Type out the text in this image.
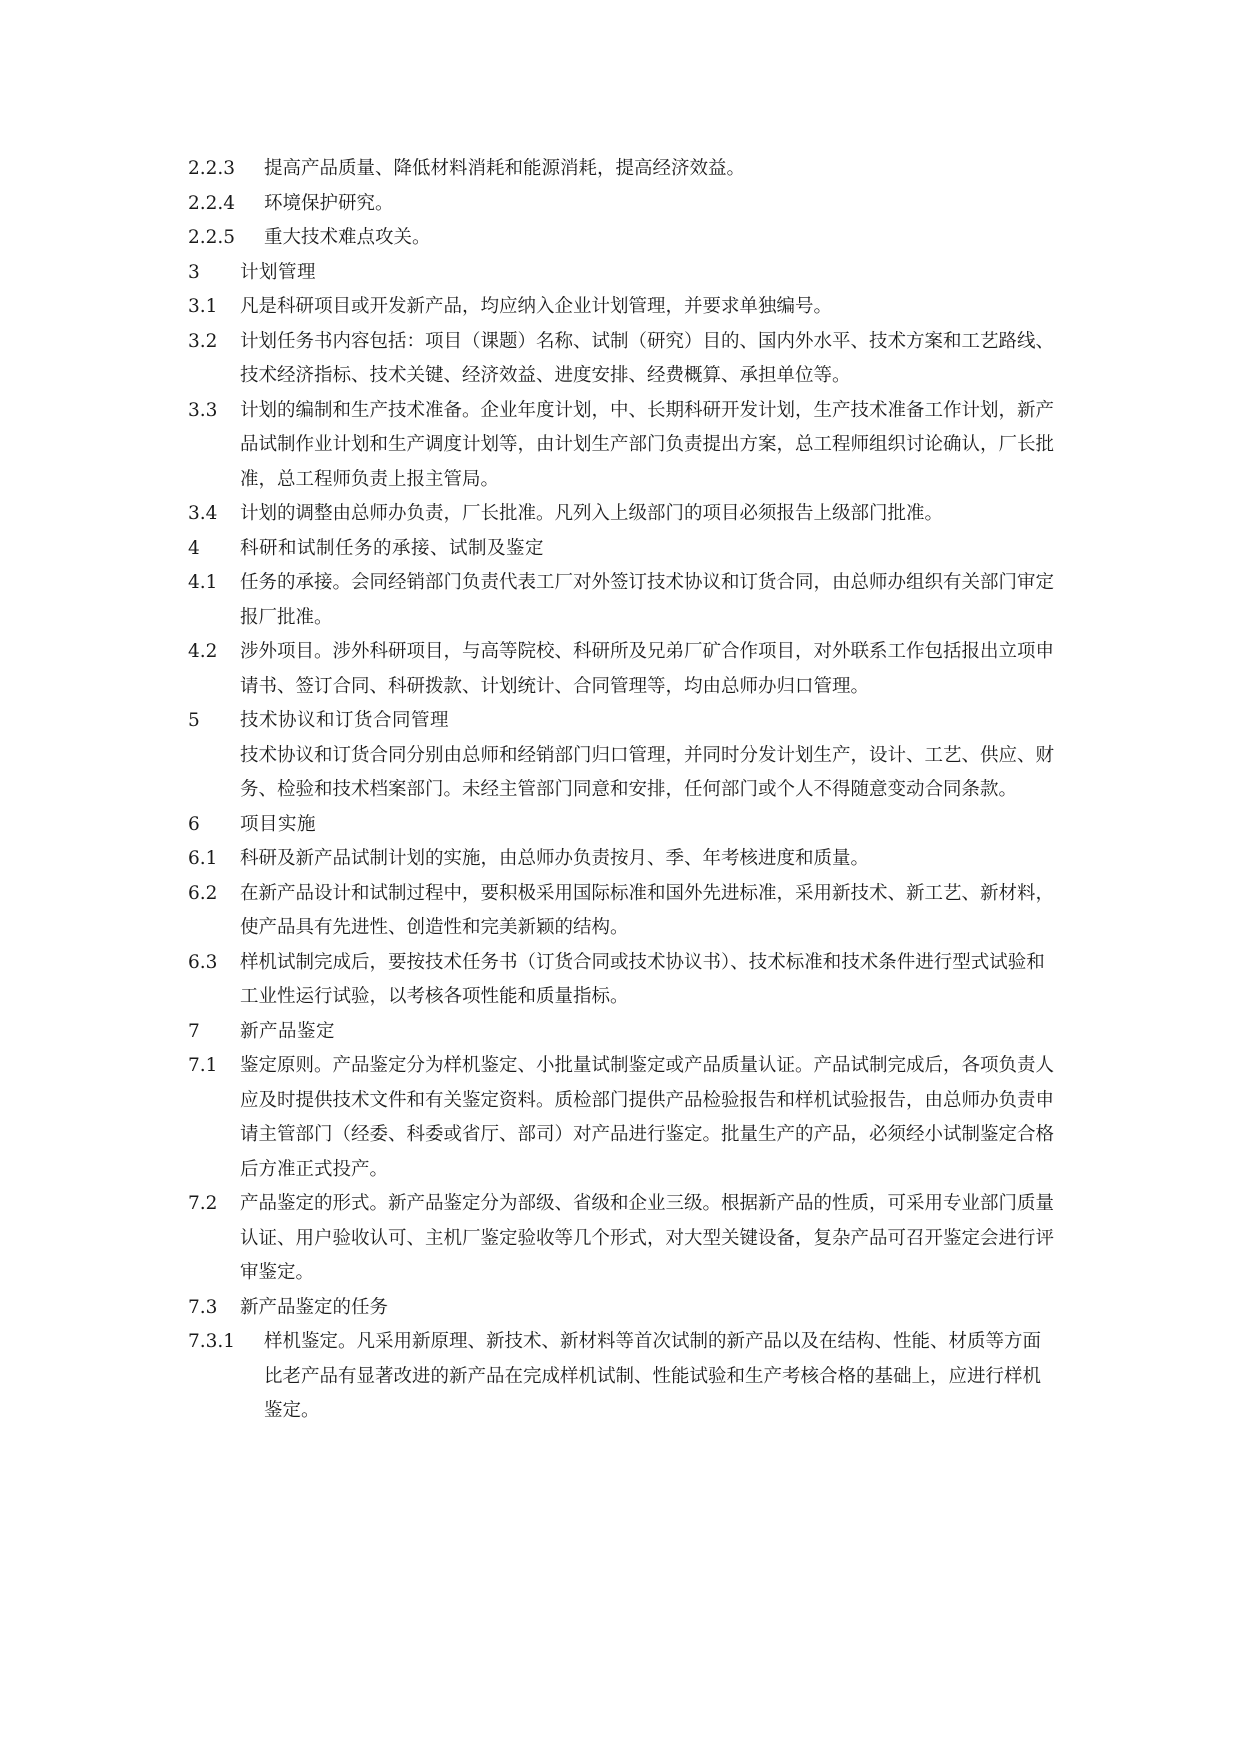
2.2.3	提高产品质量、降低材料消耗和能源消耗，提高经济效益。
2.2.4	环境保护研究。
2.2.5	重大技术难点攻关。
3	计划管理
3.1	凡是科研项目或开发新产品，均应纳入企业计划管理，并要求单独编号。
3.2	计划任务书内容包括：项目（课题）名称、试制（研究）目的、国内外水平、技术方案和工艺路线、技术经济指标、技术关键、经济效益、进度安排、经费概算、承担单位等。
3.3	计划的编制和生产技术准备。企业年度计划，中、长期科研开发计划，生产技术准备工作计划，新产品试制作业计划和生产调度计划等，由计划生产部门负责提出方案，总工程师组织讨论确认，厂长批准，总工程师负责上报主管局。
3.4	计划的调整由总师办负责，厂长批准。凡列入上级部门的项目必须报告上级部门批准。
4	科研和试制任务的承接、试制及鉴定
4.1	任务的承接。会同经销部门负责代表工厂对外签订技术协议和订货合同，由总师办组织有关部门审定报厂批准。
4.2	涉外项目。涉外科研项目，与高等院校、科研所及兄弟厂矿合作项目，对外联系工作包括报出立项申请书、签订合同、科研拨款、计划统计、合同管理等，均由总师办归口管理。
5	技术协议和订货合同管理
技术协议和订货合同分别由总师和经销部门归口管理，并同时分发计划生产，设计、工艺、供应、财务、检验和技术档案部门。未经主管部门同意和安排，任何部门或个人不得随意变动合同条款。
6	项目实施
6.1	科研及新产品试制计划的实施，由总师办负责按月、季、年考核进度和质量。
6.2	在新产品设计和试制过程中，要积极采用国际标准和国外先进标准，采用新技术、新工艺、新材料，使产品具有先进性、创造性和完美新颖的结构。
6.3	样机试制完成后，要按技术任务书（订货合同或技术协议书）、技术标准和技术条件进行型式试验和工业性运行试验，以考核各项性能和质量指标。
7	新产品鉴定
7.1	鉴定原则。产品鉴定分为样机鉴定、小批量试制鉴定或产品质量认证。产品试制完成后，各项负责人应及时提供技术文件和有关鉴定资料。质检部门提供产品检验报告和样机试验报告，由总师办负责申请主管部门（经委、科委或省厅、部司）对产品进行鉴定。批量生产的产品，必须经小试制鉴定合格后方准正式投产。
7.2	产品鉴定的形式。新产品鉴定分为部级、省级和企业三级。根据新产品的性质，可采用专业部门质量认证、用户验收认可、主机厂鉴定验收等几个形式，对大型关键设备，复杂产品可召开鉴定会进行评审鉴定。
7.3	新产品鉴定的任务
7.3.1	样机鉴定。凡采用新原理、新技术、新材料等首次试制的新产品以及在结构、性能、材质等方面比老产品有显著改进的新产品在完成样机试制、性能试验和生产考核合格的基础上，应进行样机鉴定。
